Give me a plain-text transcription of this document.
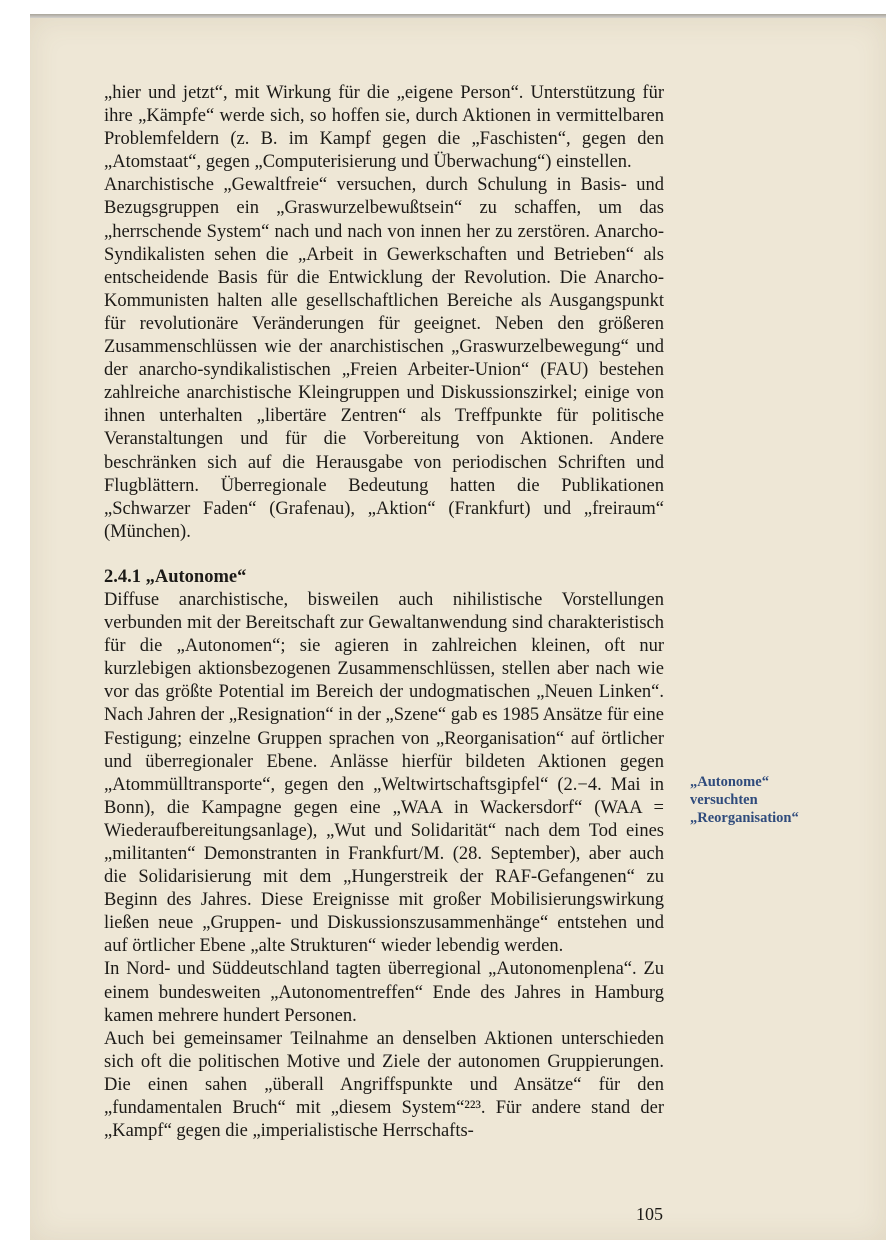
„hier und jetzt“, mit Wirkung für die „eigene Person“. Unterstützung für ihre „Kämpfe“ werde sich, so hoffen sie, durch Aktionen in vermittelbaren Problemfeldern (z. B. im Kampf gegen die „Faschisten“, gegen den „Atomstaat“, gegen „Computerisierung und Überwachung“) einstellen.

Anarchistische „Gewaltfreie“ versuchen, durch Schulung in Basis- und Bezugsgruppen ein „Graswurzelbewußtsein“ zu schaffen, um das „herrschende System“ nach und nach von innen her zu zerstören. Anarcho-Syndikalisten sehen die „Arbeit in Gewerkschaften und Betrieben“ als entscheidende Basis für die Entwicklung der Revolution. Die Anarcho-Kommunisten halten alle gesellschaftlichen Bereiche als Ausgangspunkt für revolutionäre Veränderungen für geeignet. Neben den größeren Zusammenschlüssen wie der anarchistischen „Graswurzelbewegung“ und der anarcho-syndikalistischen „Freien Arbeiter-Union“ (FAU) bestehen zahlreiche anarchistische Kleingruppen und Diskussionszirkel; einige von ihnen unterhalten „libertäre Zentren“ als Treffpunkte für politische Veranstaltungen und für die Vorbereitung von Aktionen. Andere beschränken sich auf die Herausgabe von periodischen Schriften und Flugblättern. Überregionale Bedeutung hatten die Publikationen „Schwarzer Faden“ (Grafenau), „Aktion“ (Frankfurt) und „freiraum“ (München).

2.4.1 „Autonome“

Diffuse anarchistische, bisweilen auch nihilistische Vorstellungen verbunden mit der Bereitschaft zur Gewaltanwendung sind charakteristisch für die „Autonomen“; sie agieren in zahlreichen kleinen, oft nur kurzlebigen aktionsbezogenen Zusammenschlüssen, stellen aber nach wie vor das größte Potential im Bereich der undogmatischen „Neuen Linken“. Nach Jahren der „Resignation“ in der „Szene“ gab es 1985 Ansätze für eine Festigung; einzelne Gruppen sprachen von „Reorganisation“ auf örtlicher und überregionaler Ebene. Anlässe hierfür bildeten Aktionen gegen „Atommülltransporte“, gegen den „Weltwirtschaftsgipfel“ (2.−4. Mai in Bonn), die Kampagne gegen eine „WAA in Wackersdorf“ (WAA = Wiederaufbereitungsanlage), „Wut und Solidarität“ nach dem Tod eines „militanten“ Demonstranten in Frankfurt/M. (28. September), aber auch die Solidarisierung mit dem „Hungerstreik der RAF-Gefangenen“ zu Beginn des Jahres. Diese Ereignisse mit großer Mobilisierungswirkung ließen neue „Gruppen- und Diskussionszusammenhänge“ entstehen und auf örtlicher Ebene „alte Strukturen“ wieder lebendig werden.

In Nord- und Süddeutschland tagten überregional „Autonomenplena“. Zu einem bundesweiten „Autonomentreffen“ Ende des Jahres in Hamburg kamen mehrere hundert Personen.

Auch bei gemeinsamer Teilnahme an denselben Aktionen unterschieden sich oft die politischen Motive und Ziele der autonomen Gruppierungen. Die einen sahen „überall Angriffspunkte und Ansätze“ für den „fundamentalen Bruch“ mit „diesem System“²²³. Für andere stand der „Kampf“ gegen die „imperialistische Herrschafts-

„Autonome“ versuchten „Reorganisation“
105
